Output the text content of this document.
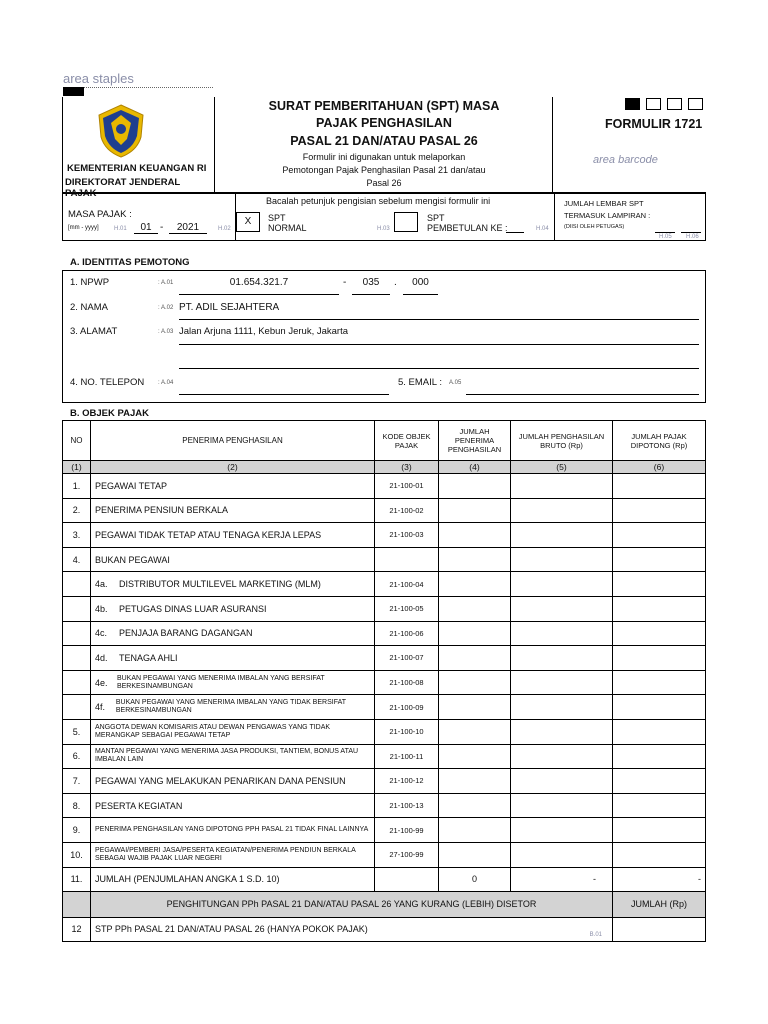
area staples
KEMENTERIAN KEUANGAN RI
DIREKTORAT JENDERAL PAJAK
SURAT PEMBERITAHUAN (SPT) MASA
PAJAK PENGHASILAN
PASAL 21 DAN/ATAU PASAL 26
Formulir ini digunakan untuk melaporkan
Pemotongan Pajak Penghasilan Pasal 21 dan/atau
Pasal 26
FORMULIR 1721
area barcode
MASA PAJAK :
[mm - yyyy]	H.01	01 -	2021
Bacalah petunjuk pengisian sebelum mengisi formulir ini
H.02
X	SPT
NORMAL	H.03
SPT
PEMBETULAN KE :	H.04
JUMLAH LEMBAR SPT
TERMASUK LAMPIRAN :
(DIISI OLEH PETUGAS)
H.05 H.06
A. IDENTITAS PEMOTONG
1. NPWP	: A.01	01.654.321.7	-	035	.	000
2. NAMA	: A.02 PT. ADIL SEJAHTERA
3. ALAMAT	: A.03 Jalan Arjuna 1111, Kebun Jeruk, Jakarta
4. NO. TELEPON : A.04	5. EMAIL : A.05
B. OBJEK PAJAK
NO	PENERIMA PENGHASILAN	KODE OBJEK PAJAK	JUMLAH PENERIMA PENGHASILAN	JUMLAH PENGHASILAN BRUTO (Rp)	JUMLAH PAJAK DIPOTONG (Rp)
(1)	(2)	(3)	(4)	(5)	(6)
1.	PEGAWAI TETAP	21-100-01			
2.	PENERIMA PENSIUN BERKALA	21-100-02			
3.	PEGAWAI TIDAK TETAP ATAU TENAGA KERJA LEPAS	21-100-03			
4.	BUKAN PEGAWAI				

	4a. DISTRIBUTOR MULTILEVEL MARKETING (MLM)	21-100-04			

	4b. PETUGAS DINAS LUAR ASURANSI	21-100-05			

	4c. PENJAJA BARANG DAGANGAN	21-100-06			

	4d. TENAGA AHLI	21-100-07			

	4e. BUKAN PEGAWAI YANG MENERIMA IMBALAN YANG BERSIFAT BERKESINAMBUNGAN	21-100-08			

	4f. BUKAN PEGAWAI YANG MENERIMA IMBALAN YANG TIDAK BERSIFAT BERKESINAMBUNGAN	21-100-09			
5.	ANGGOTA DEWAN KOMISARIS ATAU DEWAN PENGAWAS YANG TIDAK MERANGKAP SEBAGAI PEGAWAI TETAP	21-100-10			
6.	MANTAN PEGAWAI YANG MENERIMA JASA PRODUKSI, TANTIEM, BONUS ATAU IMBALAN LAIN	21-100-11			
7.	PEGAWAI YANG MELAKUKAN PENARIKAN DANA PENSIUN	21-100-12			
8.	PESERTA KEGIATAN	21-100-13			
9.	PENERIMA PENGHASILAN YANG DIPOTONG PPH PASAL 21 TIDAK FINAL LAINNYA	21-100-99			
10.	PEGAWAI/PEMBERI JASA/PESERTA KEGIATAN/PENERIMA PENDIUN BERKALA SEBAGAI WAJIB PAJAK LUAR NEGERI	27-100-99			
11.	JUMLAH (PENJUMLAHAN ANGKA 1 S.D. 10)		0	-	-
	PENGHITUNGAN PPh PASAL 21 DAN/ATAU PASAL 26 YANG KURANG (LEBIH) DISETOR				JUMLAH (Rp)
12	STP PPh PASAL 21 DAN/ATAU PASAL 26 (HANYA POKOK PAJAK)
B.01				
